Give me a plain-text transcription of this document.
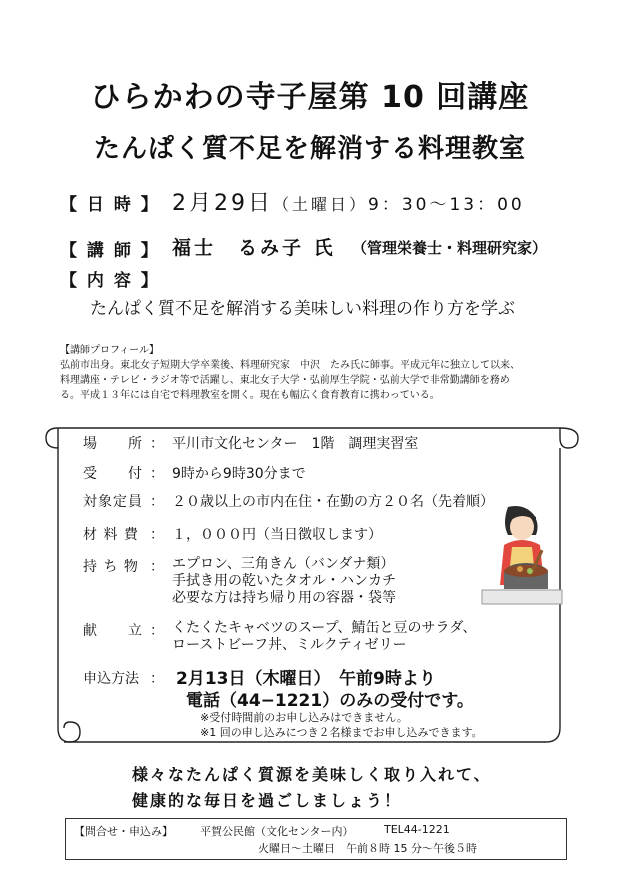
ひらかわの寺子屋第 10 回講座
たんぱく質不足を解消する料理教室
【 日 時 】 2月29日（土曜日）9：30～13：00
【 講 師 】 福士　るみ子 氏 （管理栄養士・料理研究家）
【 内 容 】
たんぱく質不足を解消する美味しい料理の作り方を学ぶ
【講師プロフィール】
弘前市出身。東北女子短期大学卒業後、料理研究家　中沢　たみ氏に師事。平成元年に独立して以来、
料理講座・テレビ・ラジオ等で活躍し、東北女子大学・弘前厚生学院・弘前大学で非常勤講師を務め
る。平成１３年には自宅で料理教室を開く。現在も幅広く食育教育に携わっている。
場　　所 ： 平川市文化センター　1階　調理実習室
受　　付 ： 9時から9時30分まで
対象定員 ： ２０歳以上の市内在住・在勤の方２０名（先着順）
材 料 費 ： １，０００円（当日徴収します）
持 ち 物 ： エプロン、三角きん（バンダナ類）
手拭き用の乾いたタオル・ハンカチ
必要な方は持ち帰り用の容器・袋等
献　　立 ： くたくたキャベツのスープ、鯖缶と豆のサラダ、
ローストビーフ丼、ミルクティゼリー
申込方法 ： 2月13日（木曜日）　午前9時より
電話（44−1221）のみの受付です。
※受付時間前のお申し込みはできません。
※1 回の申し込みにつき２名様までお申し込みできます。
様々なたんぱく質源を美味しく取り入れて、
健康的な毎日を過ごしましょう！
【問合せ・申込み】 平賀公民館（文化センター内）	TEL44-1221
火曜日～土曜日　午前８時 15 分～午後５時
